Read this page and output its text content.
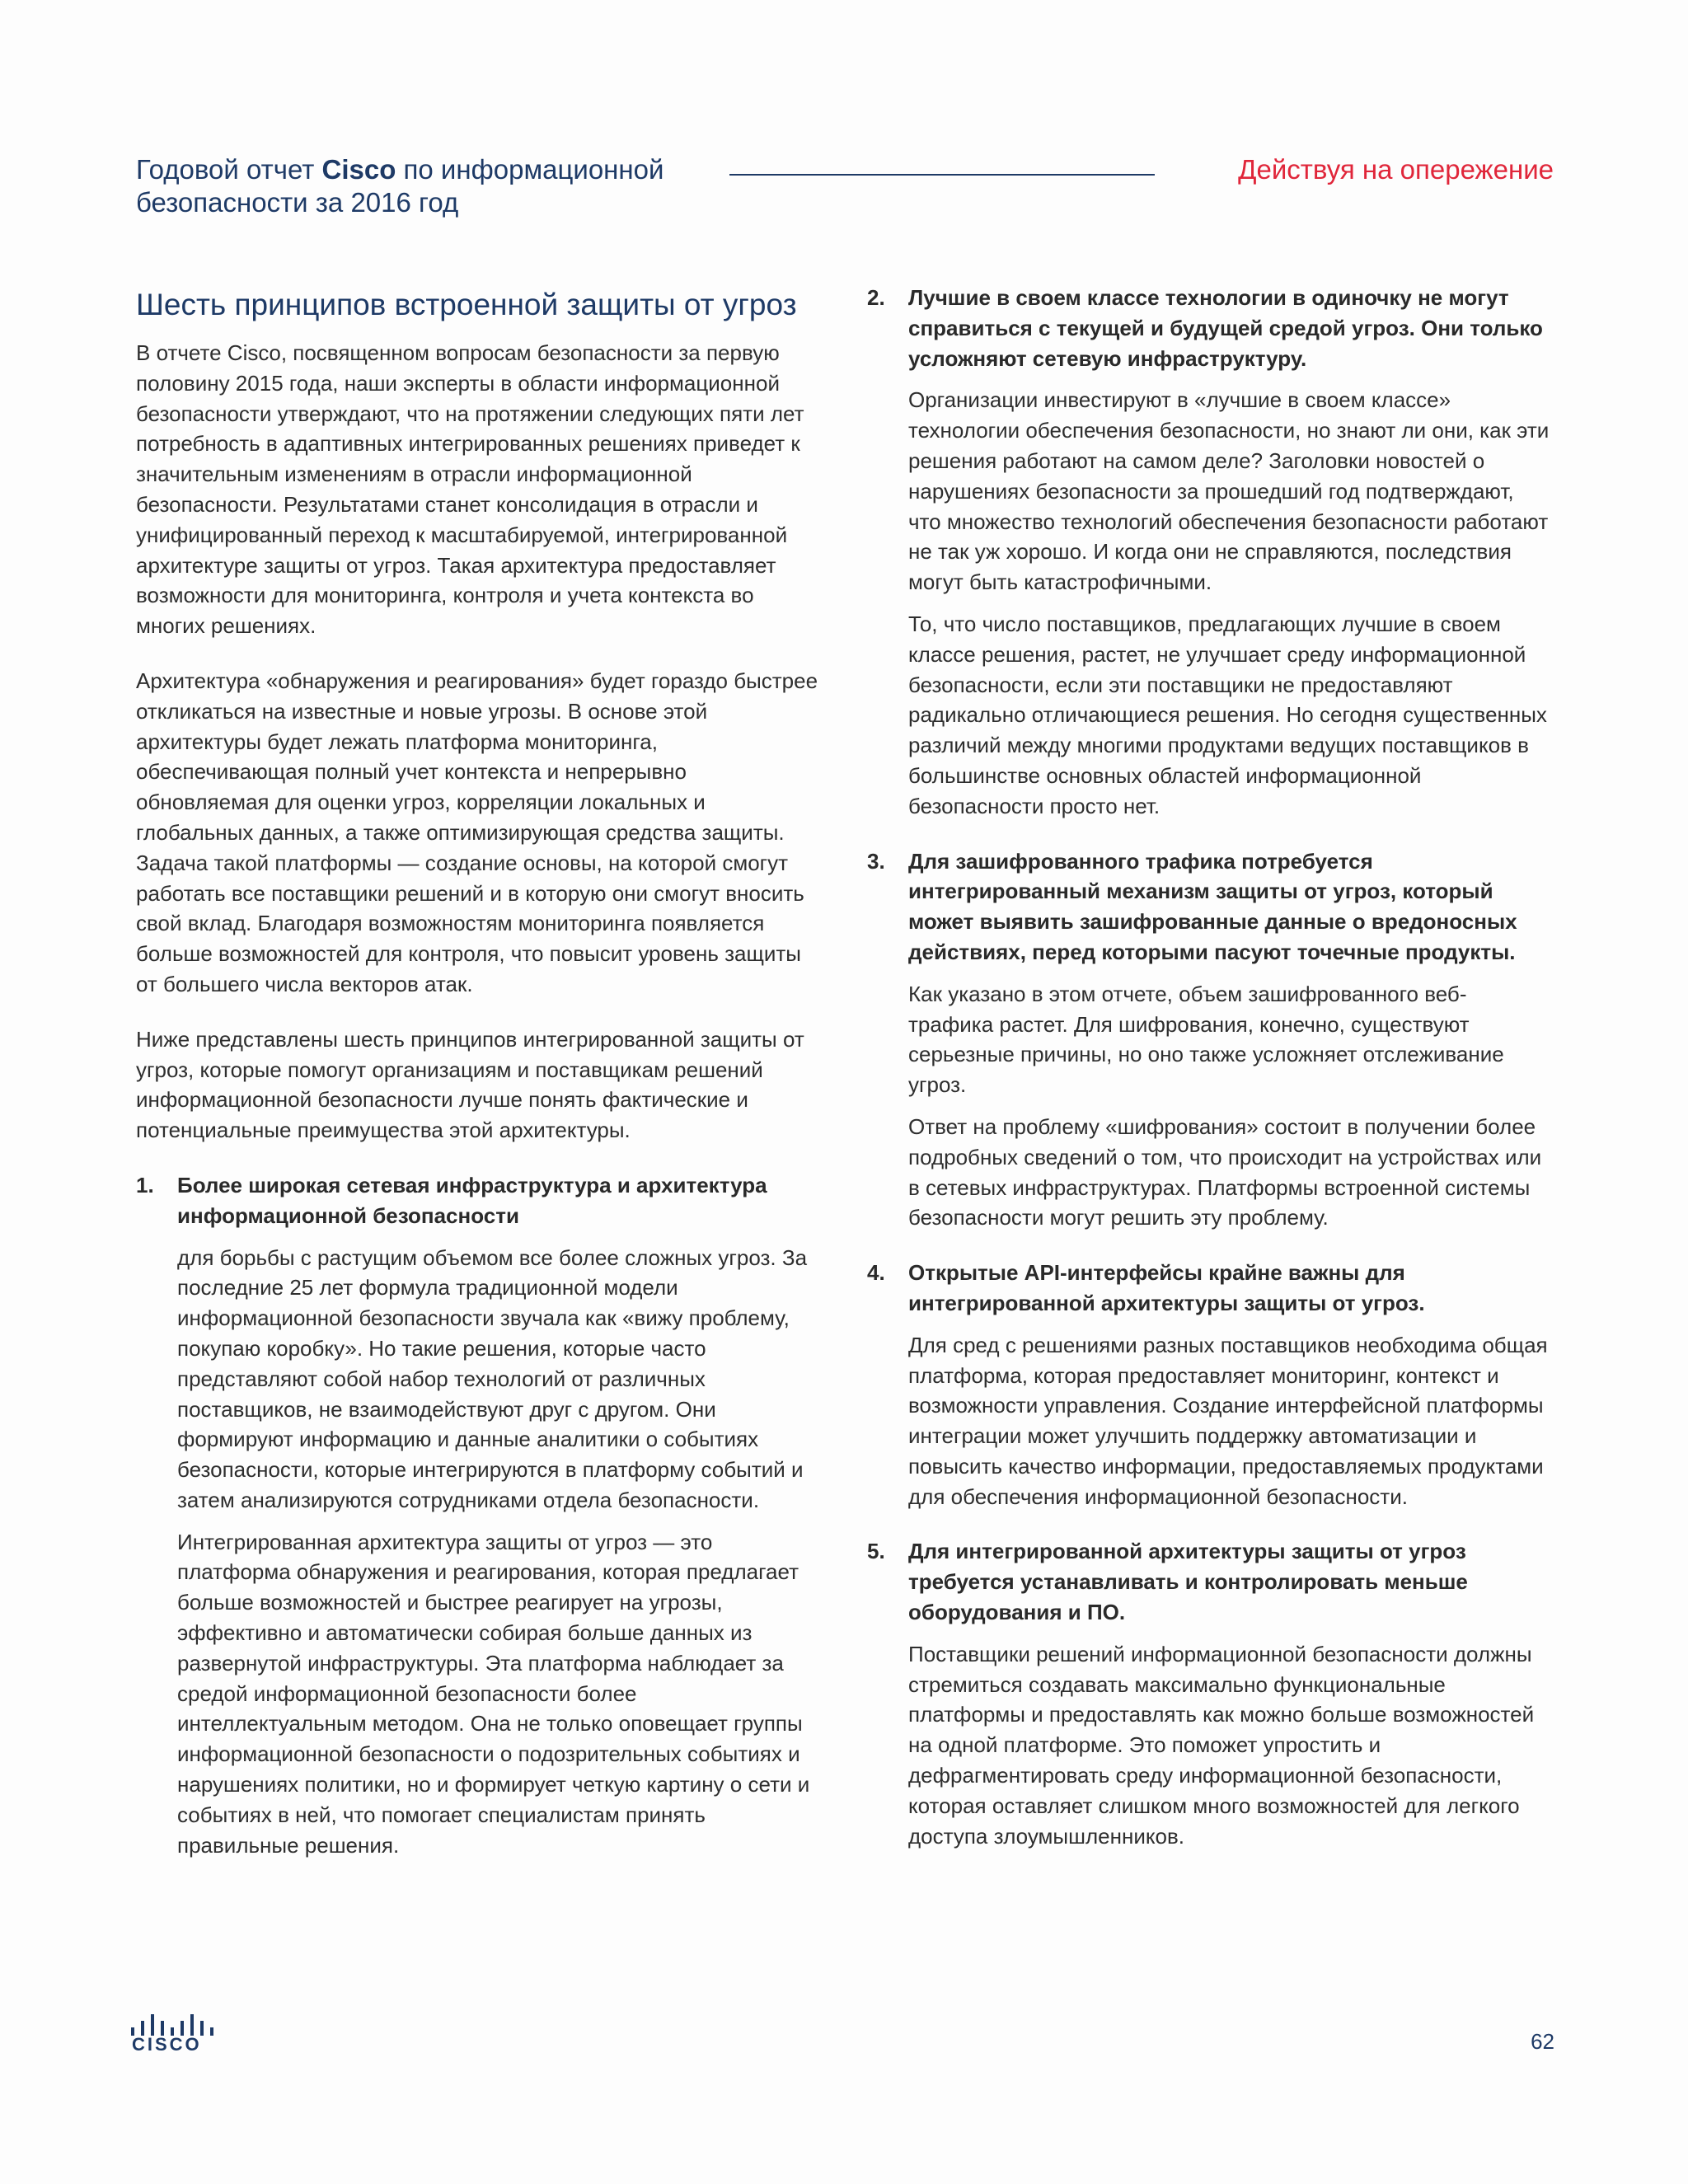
Годовой отчет Cisco по информационной безопасности за 2016 год
Действуя на опережение
Шесть принципов встроенной защиты от угроз

В отчете Cisco, посвященном вопросам безопасности за первую половину 2015 года, наши эксперты в области информационной безопасности утверждают, что на протяжении следующих пяти лет потребность в адаптивных интегрированных решениях приведет к значительным изменениям в отрасли информационной безопасности. Результатами станет консолидация в отрасли и унифицированный переход к масштабируемой, интегрированной архитектуре защиты от угроз. Такая архитектура предоставляет возможности для мониторинга, контроля и учета контекста во многих решениях.

Архитектура «обнаружения и реагирования» будет гораздо быстрее откликаться на известные и новые угрозы. В основе этой архитектуры будет лежать платформа мониторинга, обеспечивающая полный учет контекста и непрерывно обновляемая для оценки угроз, корреляции локальных и глобальных данных, а также оптимизирующая средства защиты. Задача такой платформы — создание основы, на которой смогут работать все поставщики решений и в которую они смогут вносить свой вклад. Благодаря возможностям мониторинга появляется больше возможностей для контроля, что повысит уровень защиты от большего числа векторов атак.

Ниже представлены шесть принципов интегрированной защиты от угроз, которые помогут организациям и поставщикам решений информационной безопасности лучше понять фактические и потенциальные преимущества этой архитектуры.

1. Более широкая сетевая инфраструктура и архитектура информационной безопасности

для борьбы с растущим объемом все более сложных угроз. За последние 25 лет формула традиционной модели информационной безопасности звучала как «вижу проблему, покупаю коробку». Но такие решения, которые часто представляют собой набор технологий от различных поставщиков, не взаимодействуют друг с другом. Они формируют информацию и данные аналитики о событиях безопасности, которые интегрируются в платформу событий и затем анализируются сотрудниками отдела безопасности.

Интегрированная архитектура защиты от угроз — это платформа обнаружения и реагирования, которая предлагает больше возможностей и быстрее реагирует на угрозы, эффективно и автоматически собирая больше данных из развернутой инфраструктуры. Эта платформа наблюдает за средой информационной безопасности более интеллектуальным методом. Она не только оповещает группы информационной безопасности о подозрительных событиях и нарушениях политики, но и формирует четкую картину о сети и событиях в ней, что помогает специалистам принять правильные решения.

2. Лучшие в своем классе технологии в одиночку не могут справиться с текущей и будущей средой угроз. Они только усложняют сетевую инфраструктуру.

Организации инвестируют в «лучшие в своем классе» технологии обеспечения безопасности, но знают ли они, как эти решения работают на самом деле? Заголовки новостей о нарушениях безопасности за прошедший год подтверждают, что множество технологий обеспечения безопасности работают не так уж хорошо. И когда они не справляются, последствия могут быть катастрофичными.

То, что число поставщиков, предлагающих лучшие в своем классе решения, растет, не улучшает среду информационной безопасности, если эти поставщики не предоставляют радикально отличающиеся решения. Но сегодня существенных различий между многими продуктами ведущих поставщиков в большинстве основных областей информационной безопасности просто нет.

3. Для зашифрованного трафика потребуется интегрированный механизм защиты от угроз, который может выявить зашифрованные данные о вредоносных действиях, перед которыми пасуют точечные продукты.

Как указано в этом отчете, объем зашифрованного веб-трафика растет. Для шифрования, конечно, существуют серьезные причины, но оно также усложняет отслеживание угроз.

Ответ на проблему «шифрования» состоит в получении более подробных сведений о том, что происходит на устройствах или в сетевых инфраструктурах. Платформы встроенной системы безопасности могут решить эту проблему.

4. Открытые API-интерфейсы крайне важны для интегрированной архитектуры защиты от угроз.

Для сред с решениями разных поставщиков необходима общая платформа, которая предоставляет мониторинг, контекст и возможности управления. Создание интерфейсной платформы интеграции может улучшить поддержку автоматизации и повысить качество информации, предоставляемых продуктами для обеспечения информационной безопасности.

5. Для интегрированной архитектуры защиты от угроз требуется устанавливать и контролировать меньше оборудования и ПО.

Поставщики решений информационной безопасности должны стремиться создавать максимально функциональные платформы и предоставлять как можно больше возможностей на одной платформе. Это поможет упростить и дефрагментировать среду информационной безопасности, которая оставляет слишком много возможностей для легкого доступа злоумышленников.

CISCO	62
